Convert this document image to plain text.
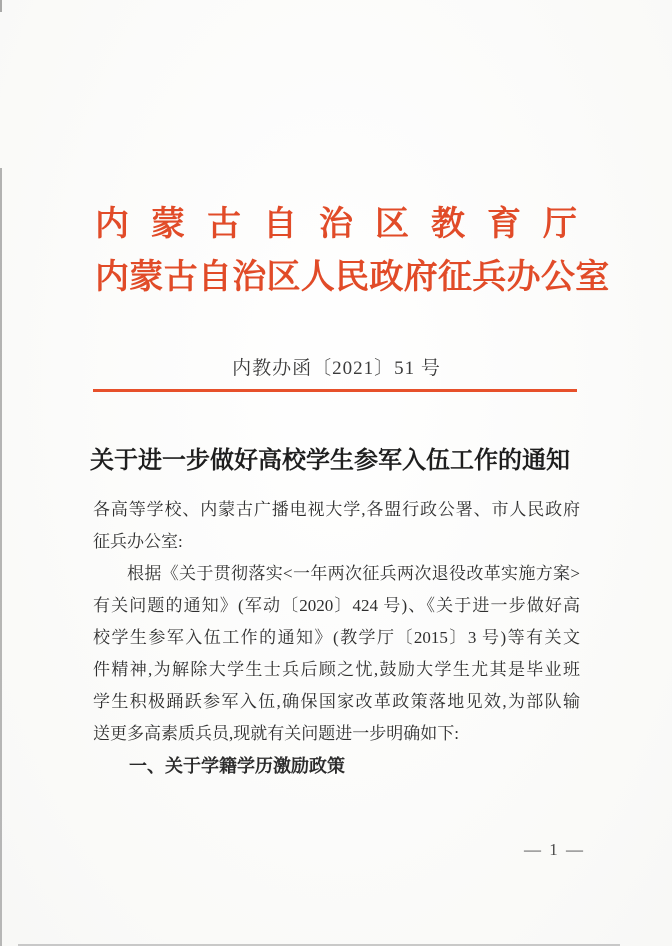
内 蒙 古 自 治 区 教 育 厅
内蒙古自治区人民政府征兵办公室
内教办函〔2021〕51 号
关于进一步做好高校学生参军入伍工作的通知
各高等学校、内蒙古广播电视大学,各盟行政公署、市人民政府
征兵办公室:
根据《关于贯彻落实<一年两次征兵两次退役改革实施方案>
有关问题的通知》(军动〔2020〕424 号)、《关于进一步做好高
校学生参军入伍工作的通知》(教学厅〔2015〕3 号)等有关文
件精神,为解除大学生士兵后顾之忧,鼓励大学生尤其是毕业班
学生积极踊跃参军入伍,确保国家改革政策落地见效,为部队输
送更多高素质兵员,现就有关问题进一步明确如下:
一、关于学籍学历激励政策
— 1 —
